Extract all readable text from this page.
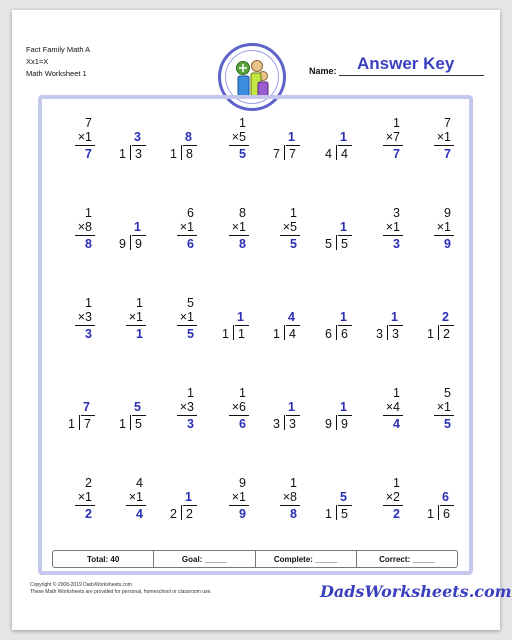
Fact Family Math A
Xx1=X
Math Worksheet 1	Name: Answer Key
7
×1
7
3
1 3
8
1 8
1
×5
5
1
7 7
1
4 4
1
×7
7
7
×1
7
1
×8
8
1
9 9
6
×1
6
8
×1
8
1
×5
5
1
5 5
3
×1
3
9
×1
9
1
×3
3
1
×1
1
5
×1
5
1
1 1
4
1 4
1
6 6
1
3 3
2
1 2
7
1 7
5
1 5
1
×3
3
1
×6
6
1
3 3
1
9 9
1
×4
4
5
×1
5
2
×1
2
4
×1
4
1
2 2
9
×1
9
1
×8
8
5
1 5
1
×2
2
6
1 6
Total: 40	Goal: _____	Complete: _____	Correct: _____
Copyright © 2008-2019 DadsWorksheets.com
These Math Worksheets are provided for personal, homeschool or classroom use.	DadsWorksheets.com
